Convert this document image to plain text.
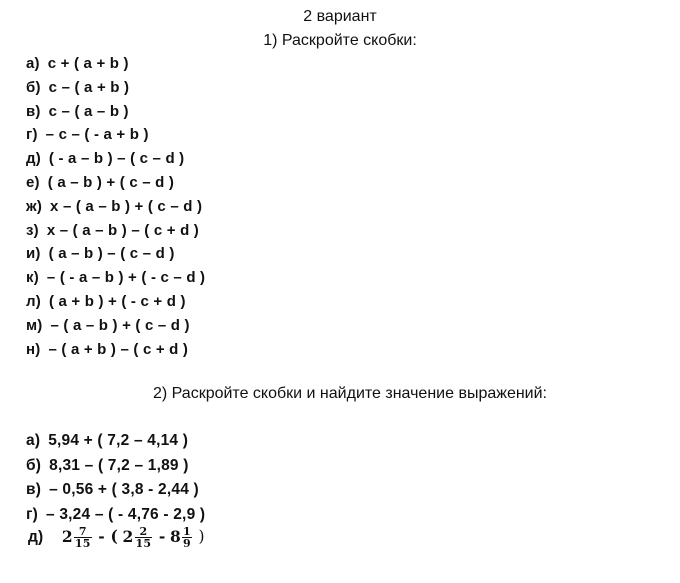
2 вариант
1) Раскройте скобки:
а) с + ( а + b )
б) с – ( а + b )
в) с – ( а – b )
г) – с – ( - а + b )
д) ( - а – b ) – ( с – d )
е) ( а – b ) + ( с – d )
ж) х – ( а – b ) + ( с – d )
з) х – ( а – b ) – ( с + d )
и) ( а – b ) – ( с – d )
к) – ( - а – b ) + ( - с – d )
л) ( а + b ) + ( - с + d )
м) – ( а – b ) + ( с – d )
н) – ( а + b ) – ( с + d )
2) Раскройте скобки и найдите значение выражений:
а) 5,94 + ( 7,2 – 4,14 )
б) 8,31 – ( 7,2 – 1,89 )
в) – 0,56 + ( 3,8 - 2,44 )
г) – 3,24 – ( - 4,76 - 2,9 )
д) $2 \frac{7}{15}$ - ( $2 \frac{2}{15} - 8 \frac{1}{9}$ )
